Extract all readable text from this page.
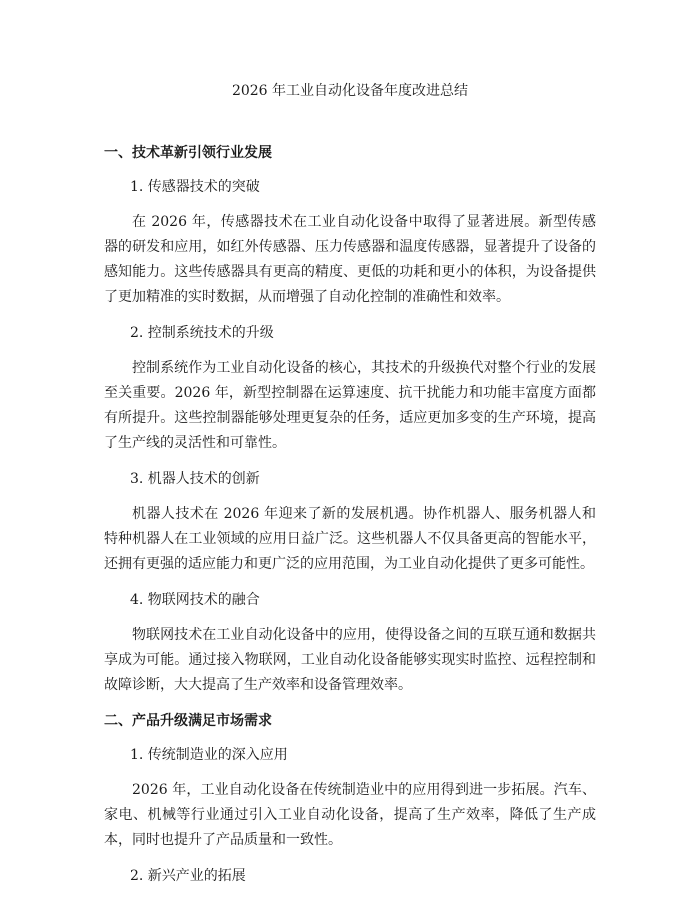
2026 年工业自动化设备年度改进总结
一、技术革新引领行业发展
1. 传感器技术的突破
在 2026 年，传感器技术在工业自动化设备中取得了显著进展。新型传感器的研发和应用，如红外传感器、压力传感器和温度传感器，显著提升了设备的感知能力。这些传感器具有更高的精度、更低的功耗和更小的体积，为设备提供了更加精准的实时数据，从而增强了自动化控制的准确性和效率。
2. 控制系统技术的升级
控制系统作为工业自动化设备的核心，其技术的升级换代对整个行业的发展至关重要。2026 年，新型控制器在运算速度、抗干扰能力和功能丰富度方面都有所提升。这些控制器能够处理更复杂的任务，适应更加多变的生产环境，提高了生产线的灵活性和可靠性。
3. 机器人技术的创新
机器人技术在 2026 年迎来了新的发展机遇。协作机器人、服务机器人和特种机器人在工业领域的应用日益广泛。这些机器人不仅具备更高的智能水平，还拥有更强的适应能力和更广泛的应用范围，为工业自动化提供了更多可能性。
4. 物联网技术的融合
物联网技术在工业自动化设备中的应用，使得设备之间的互联互通和数据共享成为可能。通过接入物联网，工业自动化设备能够实现实时监控、远程控制和故障诊断，大大提高了生产效率和设备管理效率。
二、产品升级满足市场需求
1. 传统制造业的深入应用
2026 年，工业自动化设备在传统制造业中的应用得到进一步拓展。汽车、家电、机械等行业通过引入工业自动化设备，提高了生产效率，降低了生产成本，同时也提升了产品质量和一致性。
2. 新兴产业的拓展
